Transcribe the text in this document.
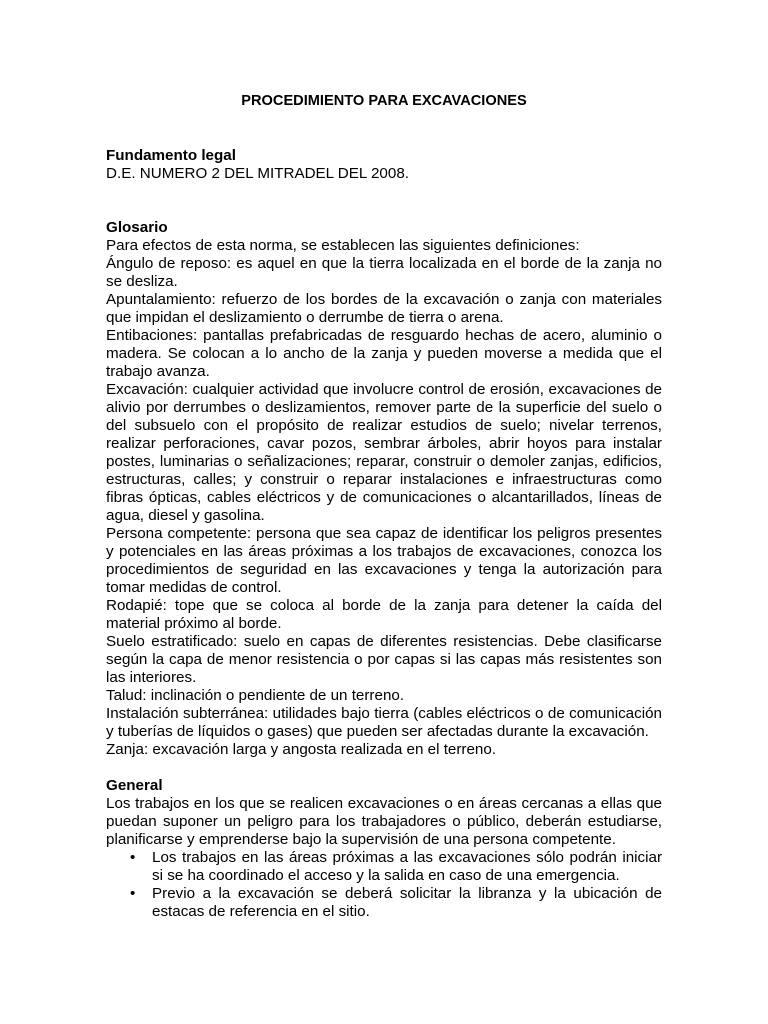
PROCEDIMIENTO PARA EXCAVACIONES

Fundamento legal

D.E. NUMERO 2 DEL MITRADEL DEL 2008.

Glosario

Para efectos de esta norma, se establecen las siguientes definiciones:

Ángulo de reposo: es aquel en que la tierra localizada en el borde de la zanja no se desliza.

Apuntalamiento: refuerzo de los bordes de la excavación o zanja con materiales que impidan el deslizamiento o derrumbe de tierra o arena.

Entibaciones: pantallas prefabricadas de resguardo hechas de acero, aluminio o madera. Se colocan a lo ancho de la zanja y pueden moverse a medida que el trabajo avanza.

Excavación: cualquier actividad que involucre control de erosión, excavaciones de alivio por derrumbes o deslizamientos, remover parte de la superficie del suelo o del subsuelo con el propósito de realizar estudios de suelo; nivelar terrenos, realizar perforaciones, cavar pozos, sembrar árboles, abrir hoyos para instalar postes, luminarias o señalizaciones; reparar, construir o demoler zanjas, edificios, estructuras, calles; y construir o reparar instalaciones e infraestructuras como fibras ópticas, cables eléctricos y de comunicaciones o alcantarillados, líneas de agua, diesel y gasolina.

Persona competente: persona que sea capaz de identificar los peligros presentes y potenciales en las áreas próximas a los trabajos de excavaciones, conozca los procedimientos de seguridad en las excavaciones y tenga la autorización para tomar medidas de control.

Rodapié: tope que se coloca al borde de la zanja para detener la caída del material próximo al borde.

Suelo estratificado: suelo en capas de diferentes resistencias. Debe clasificarse según la capa de menor resistencia o por capas si las capas más resistentes son las interiores.

Talud: inclinación o pendiente de un terreno.

Instalación subterránea: utilidades bajo tierra (cables eléctricos o de comunicación y tuberías de líquidos o gases) que pueden ser afectadas durante la excavación.

Zanja: excavación larga y angosta realizada en el terreno.

General

Los trabajos en los que se realicen excavaciones o en áreas cercanas a ellas que puedan suponer un peligro para los trabajadores o público, deberán estudiarse, planificarse y emprenderse bajo la supervisión de una persona competente.

• Los trabajos en las áreas próximas a las excavaciones sólo podrán iniciar si se ha coordinado el acceso y la salida en caso de una emergencia.
• Previo a la excavación se deberá solicitar la libranza y la ubicación de estacas de referencia en el sitio.
